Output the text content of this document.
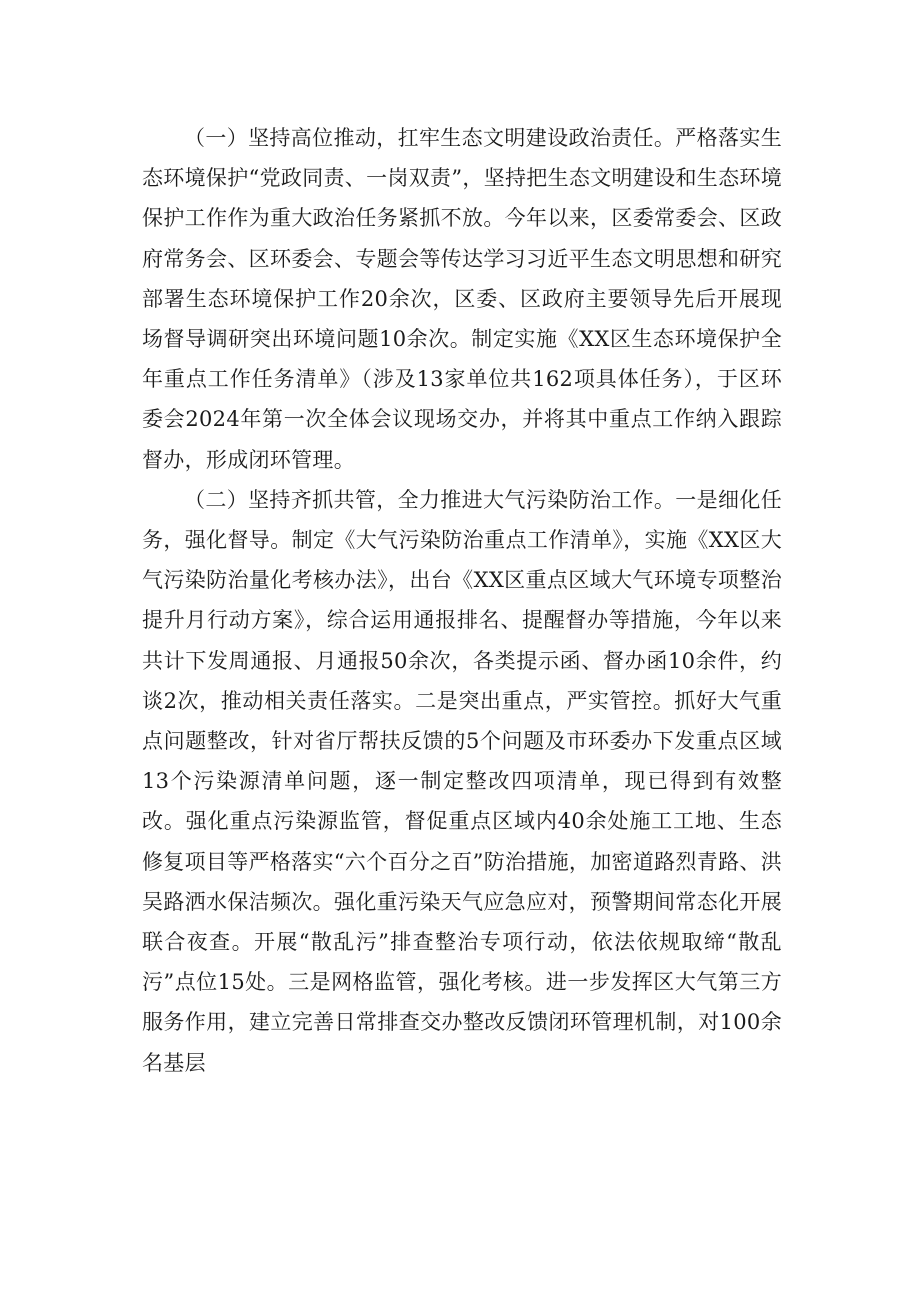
（一）坚持高位推动，扛牢生态文明建设政治责任。严格落实生态环境保护“党政同责、一岗双责”，坚持把生态文明建设和生态环境保护工作作为重大政治任务紧抓不放。今年以来，区委常委会、区政府常务会、区环委会、专题会等传达学习习近平生态文明思想和研究部署生态环境保护工作20余次，区委、区政府主要领导先后开展现场督导调研突出环境问题10余次。制定实施《XX区生态环境保护全年重点工作任务清单》（涉及13家单位共162项具体任务），于区环委会2024年第一次全体会议现场交办，并将其中重点工作纳入跟踪督办，形成闭环管理。

（二）坚持齐抓共管，全力推进大气污染防治工作。一是细化任务，强化督导。制定《大气污染防治重点工作清单》，实施《XX区大气污染防治量化考核办法》，出台《XX区重点区域大气环境专项整治提升月行动方案》，综合运用通报排名、提醒督办等措施，今年以来共计下发周通报、月通报50余次，各类提示函、督办函10余件，约谈2次，推动相关责任落实。二是突出重点，严实管控。抓好大气重点问题整改，针对省厅帮扶反馈的5个问题及市环委办下发重点区域13个污染源清单问题，逐一制定整改四项清单，现已得到有效整改。强化重点污染源监管，督促重点区域内40余处施工工地、生态修复项目等严格落实“六个百分之百”防治措施，加密道路烈青路、洪吴路洒水保洁频次。强化重污染天气应急应对，预警期间常态化开展联合夜查。开展“散乱污”排查整治专项行动，依法依规取缔“散乱污”点位15处。三是网格监管，强化考核。进一步发挥区大气第三方服务作用，建立完善日常排查交办整改反馈闭环管理机制，对100余名基层
